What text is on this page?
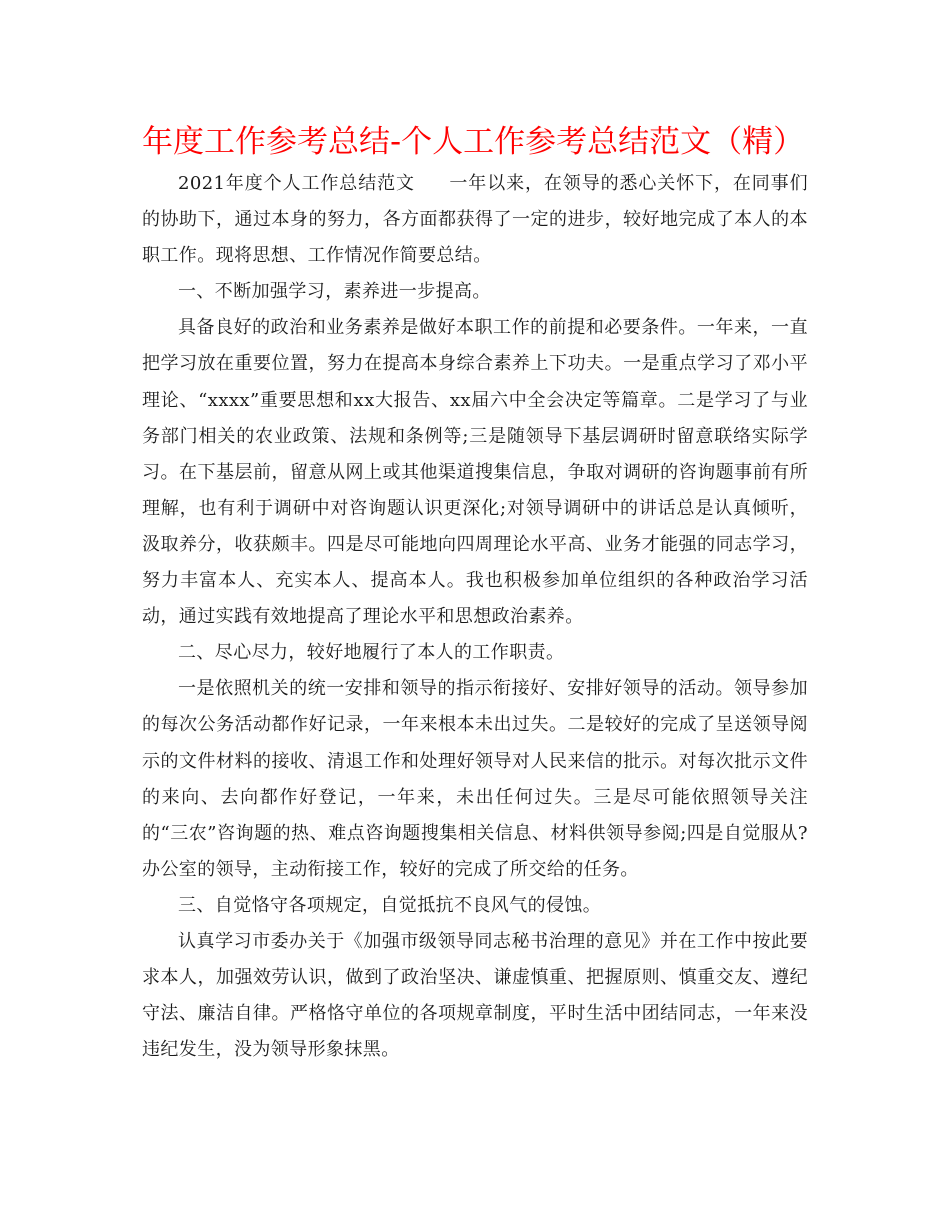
年度工作参考总结-个人工作参考总结范文（精）

2021年度个人工作总结范文 一年以来，在领导的悉心关怀下，在同事们的协助下，通过本身的努力，各方面都获得了一定的进步，较好地完成了本人的本职工作。现将思想、工作情况作简要总结。

一、不断加强学习，素养进一步提高。

具备良好的政治和业务素养是做好本职工作的前提和必要条件。一年来，一直把学习放在重要位置，努力在提高本身综合素养上下功夫。一是重点学习了邓小平理论、“xxxx”重要思想和xx大报告、xx届六中全会决定等篇章。二是学习了与业务部门相关的农业政策、法规和条例等;三是随领导下基层调研时留意联络实际学习。在下基层前，留意从网上或其他渠道搜集信息，争取对调研的咨询题事前有所理解，也有利于调研中对咨询题认识更深化;对领导调研中的讲话总是认真倾听，汲取养分，收获颇丰。四是尽可能地向四周理论水平高、业务才能强的同志学习，努力丰富本人、充实本人、提高本人。我也积极参加单位组织的各种政治学习活动，通过实践有效地提高了理论水平和思想政治素养。

二、尽心尽力，较好地履行了本人的工作职责。

一是依照机关的统一安排和领导的指示衔接好、安排好领导的活动。领导参加的每次公务活动都作好记录，一年来根本未出过失。二是较好的完成了呈送领导阅示的文件材料的接收、清退工作和处理好领导对人民来信的批示。对每次批示文件的来向、去向都作好登记，一年来，未出任何过失。三是尽可能依照领导关注的“三农”咨询题的热、难点咨询题搜集相关信息、材料供领导参阅;四是自觉服从?办公室的领导，主动衔接工作，较好的完成了所交给的任务。

三、自觉恪守各项规定，自觉抵抗不良风气的侵蚀。

认真学习市委办关于《加强市级领导同志秘书治理的意见》并在工作中按此要求本人，加强效劳认识，做到了政治坚决、谦虚慎重、把握原则、慎重交友、遵纪守法、廉洁自律。严格恪守单位的各项规章制度，平时生活中团结同志，一年来没违纪发生，没为领导形象抹黑。
